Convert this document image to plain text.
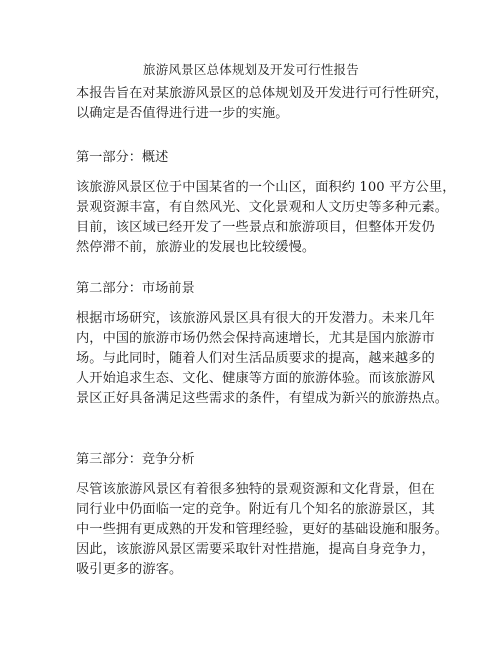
旅游风景区总体规划及开发可行性报告
本报告旨在对某旅游风景区的总体规划及开发进行可行性研究，
以确定是否值得进行进一步的实施。
第一部分：概述
该旅游风景区位于中国某省的一个山区，面积约 100 平方公里，
景观资源丰富，有自然风光、文化景观和人文历史等多种元素。
目前，该区域已经开发了一些景点和旅游项目，但整体开发仍
然停滞不前，旅游业的发展也比较缓慢。
第二部分：市场前景
根据市场研究，该旅游风景区具有很大的开发潜力。未来几年
内，中国的旅游市场仍然会保持高速增长，尤其是国内旅游市
场。与此同时，随着人们对生活品质要求的提高，越来越多的
人开始追求生态、文化、健康等方面的旅游体验。而该旅游风
景区正好具备满足这些需求的条件，有望成为新兴的旅游热点。
第三部分：竞争分析
尽管该旅游风景区有着很多独特的景观资源和文化背景，但在
同行业中仍面临一定的竞争。附近有几个知名的旅游景区，其
中一些拥有更成熟的开发和管理经验，更好的基础设施和服务。
因此，该旅游风景区需要采取针对性措施，提高自身竞争力，
吸引更多的游客。
